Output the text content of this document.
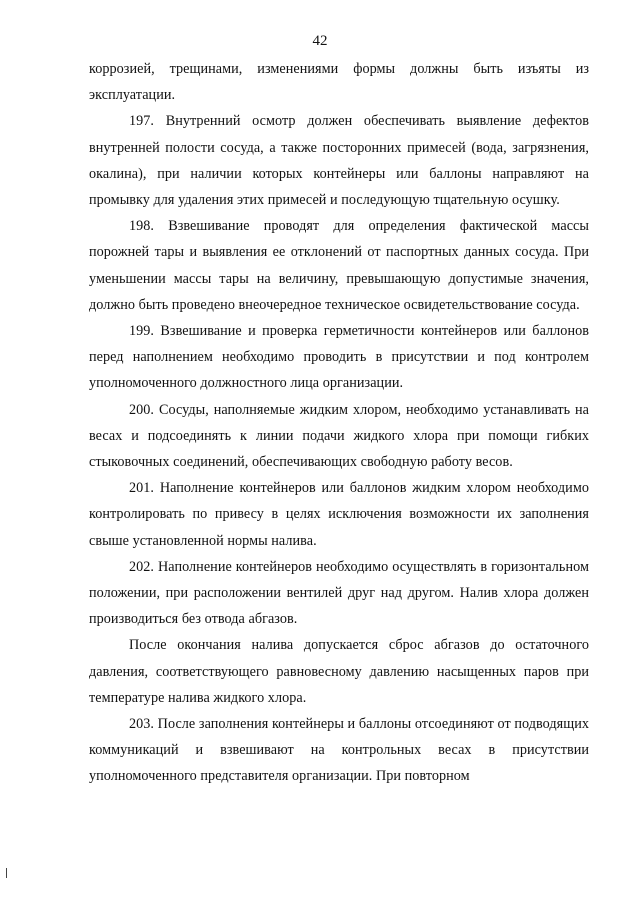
42

коррозией, трещинами, изменениями формы должны быть изъяты из эксплуатации.

197. Внутренний осмотр должен обеспечивать выявление дефектов внутренней полости сосуда, а также посторонних примесей (вода, загрязнения, окалина), при наличии которых контейнеры или баллоны направляют на промывку для удаления этих примесей и последующую тщательную осушку.

198. Взвешивание проводят для определения фактической массы порожней тары и выявления ее отклонений от паспортных данных сосуда. При уменьшении массы тары на величину, превышающую допустимые значения, должно быть проведено внеочередное техническое освидетельствование сосуда.

199. Взвешивание и проверка герметичности контейнеров или баллонов перед наполнением необходимо проводить в присутствии и под контролем уполномоченного должностного лица организации.

200. Сосуды, наполняемые жидким хлором, необходимо устанавливать на весах и подсоединять к линии подачи жидкого хлора при помощи гибких стыковочных соединений, обеспечивающих свободную работу весов.

201. Наполнение контейнеров или баллонов жидким хлором необходимо контролировать по привесу в целях исключения возможности их заполнения свыше установленной нормы налива.

202. Наполнение контейнеров необходимо осуществлять в горизонтальном положении, при расположении вентилей друг над другом. Налив хлора должен производиться без отвода абгазов.

После окончания налива допускается сброс абгазов до остаточного давления, соответствующего равновесному давлению насыщенных паров при температуре налива жидкого хлора.

203. После заполнения контейнеры и баллоны отсоединяют от подводящих коммуникаций и взвешивают на контрольных весах в присутствии уполномоченного представителя организации. При повторном
